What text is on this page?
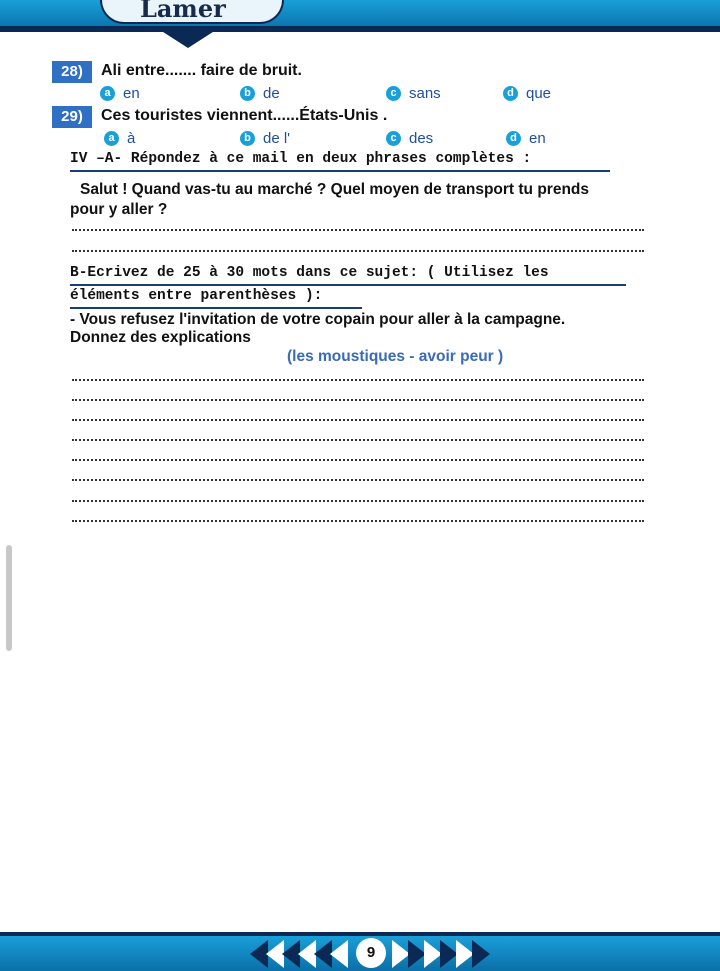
Lamer
28)	Ali entre....... faire de bruit.
a en	b de	c sans	d que
29)	Ces touristes viennent......États-Unis .
a à	b de l'	c des	d en
IV –A- Répondez à ce mail en deux phrases complètes :
Salut ! Quand vas-tu au marché ? Quel moyen de transport tu prends
pour y aller ?
B-Ecrivez de 25 à 30 mots dans ce sujet: ( Utilisez les
éléments entre parenthèses ):
- Vous refusez l'invitation de votre copain pour aller à la campagne.
Donnez des explications
(les moustiques - avoir peur )
9
